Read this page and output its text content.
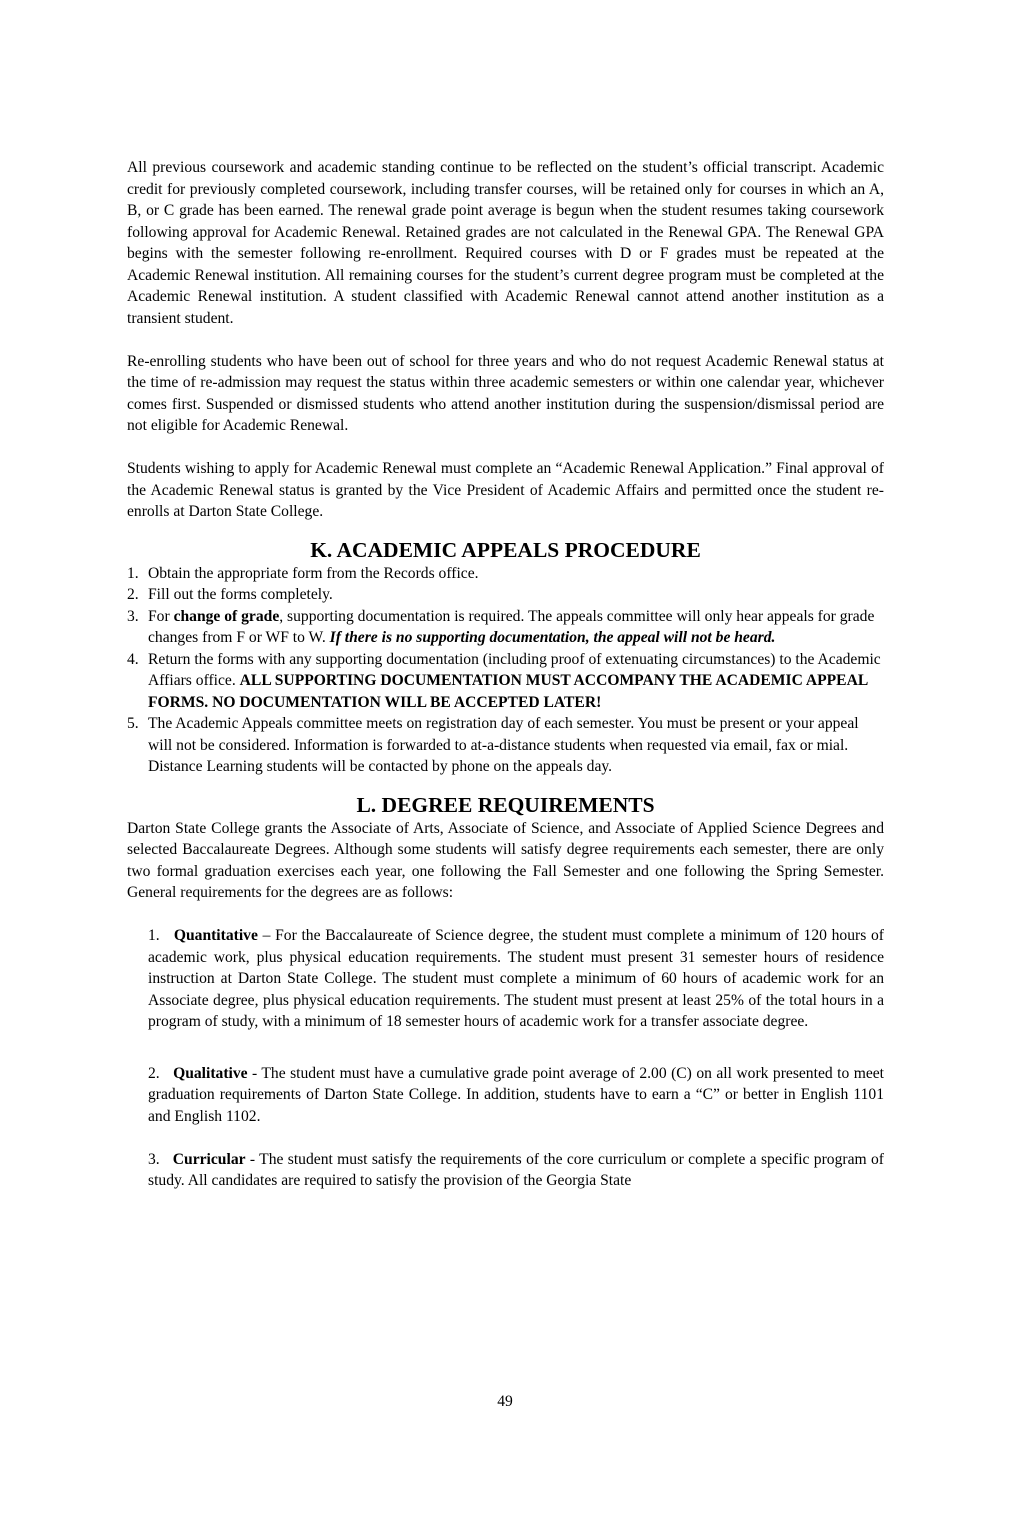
All previous coursework and academic standing continue to be reflected on the student’s official transcript. Academic credit for previously completed coursework, including transfer courses, will be retained only for courses in which an A, B, or C grade has been earned. The renewal grade point average is begun when the student resumes taking coursework following approval for Academic Renewal. Retained grades are not calculated in the Renewal GPA. The Renewal GPA begins with the semester following re-enrollment. Required courses with D or F grades must be repeated at the Academic Renewal institution. All remaining courses for the student’s current degree program must be completed at the Academic Renewal institution. A student classified with Academic Renewal cannot attend another institution as a transient student.

Re-enrolling students who have been out of school for three years and who do not request Academic Renewal status at the time of re-admission may request the status within three academic semesters or within one calendar year, whichever comes first. Suspended or dismissed students who attend another institution during the suspension/dismissal period are not eligible for Academic Renewal.

Students wishing to apply for Academic Renewal must complete an “Academic Renewal Application.” Final approval of the Academic Renewal status is granted by the Vice President of Academic Affairs and permitted once the student re-enrolls at Darton State College.

K. ACADEMIC APPEALS PROCEDURE
1. Obtain the appropriate form from the Records office.
2. Fill out the forms completely.
3. For change of grade, supporting documentation is required. The appeals committee will only hear appeals for grade changes from F or WF to W. If there is no supporting documentation, the appeal will not be heard.
4. Return the forms with any supporting documentation (including proof of extenuating circumstances) to the Academic Affiars office. ALL SUPPORTING DOCUMENTATION MUST ACCOMPANY THE ACADEMIC APPEAL FORMS. NO DOCUMENTATION WILL BE ACCEPTED LATER!
5. The Academic Appeals committee meets on registration day of each semester. You must be present or your appeal will not be considered. Information is forwarded to at-a-distance students when requested via email, fax or mial. Distance Learning students will be contacted by phone on the appeals day.
L. DEGREE REQUIREMENTS

Darton State College grants the Associate of Arts, Associate of Science, and Associate of Applied Science Degrees and selected Baccalaureate Degrees. Although some students will satisfy degree requirements each semester, there are only two formal graduation exercises each year, one following the Fall Semester and one following the Spring Semester. General requirements for the degrees are as follows:

1. Quantitative – For the Baccalaureate of Science degree, the student must complete a minimum of 120 hours of academic work, plus physical education requirements. The student must present 31 semester hours of residence instruction at Darton State College. The student must complete a minimum of 60 hours of academic work for an Associate degree, plus physical education requirements. The student must present at least 25% of the total hours in a program of study, with a minimum of 18 semester hours of academic work for a transfer associate degree.

2. Qualitative - The student must have a cumulative grade point average of 2.00 (C) on all work presented to meet graduation requirements of Darton State College. In addition, students have to earn a “C” or better in English 1101 and English 1102.

3. Curricular - The student must satisfy the requirements of the core curriculum or complete a specific program of study. All candidates are required to satisfy the provision of the Georgia State

49
